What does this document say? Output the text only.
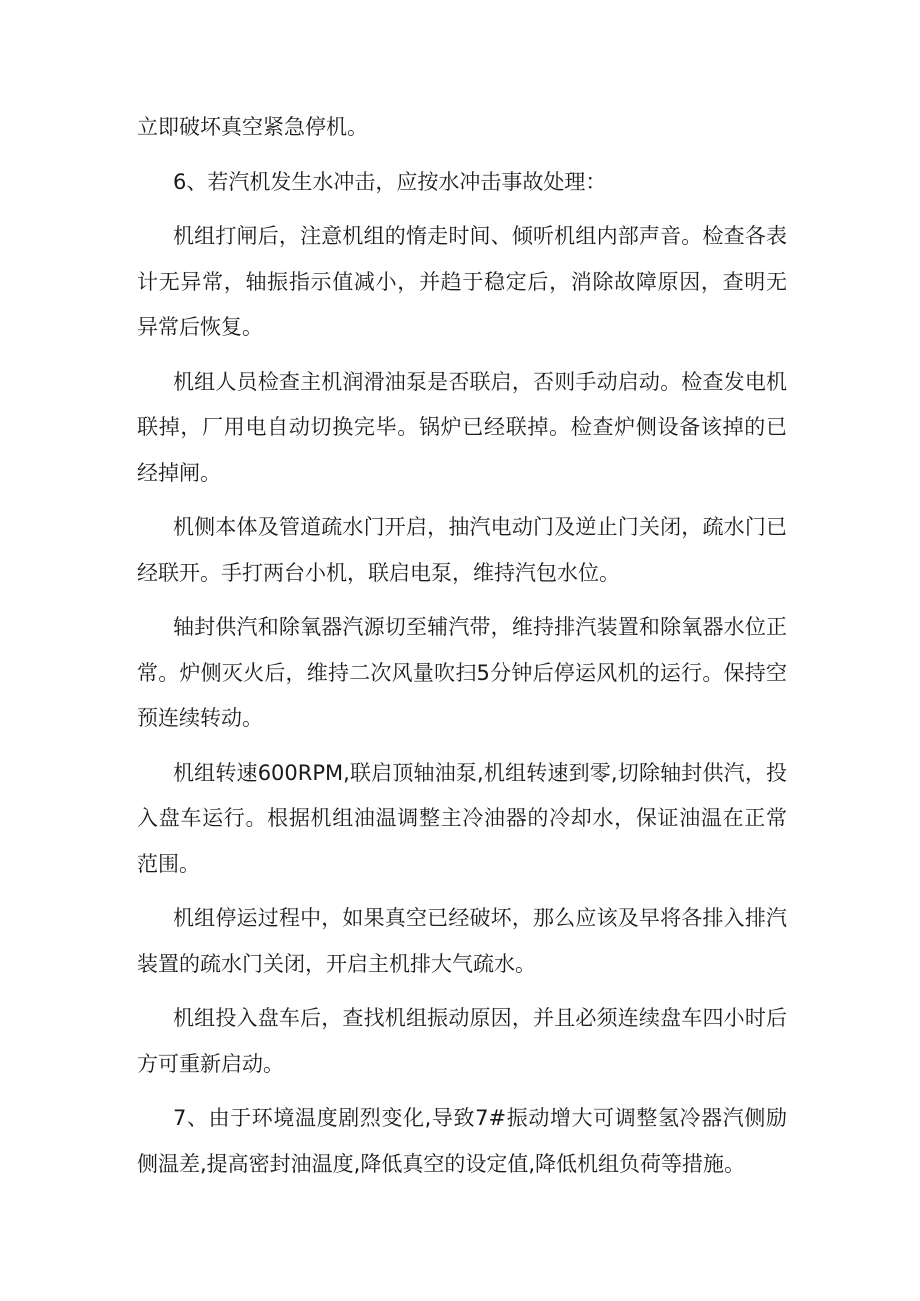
立即破坏真空紧急停机。

6、若汽机发生水冲击，应按水冲击事故处理：

机组打闸后，注意机组的惰走时间、倾听机组内部声音。检查各表计无异常，轴振指示值减小，并趋于稳定后，消除故障原因，查明无异常后恢复。

机组人员检查主机润滑油泵是否联启，否则手动启动。检查发电机联掉，厂用电自动切换完毕。锅炉已经联掉。检查炉侧设备该掉的已经掉闸。

机侧本体及管道疏水门开启，抽汽电动门及逆止门关闭，疏水门已经联开。手打两台小机，联启电泵，维持汽包水位。

轴封供汽和除氧器汽源切至辅汽带，维持排汽装置和除氧器水位正常。炉侧灭火后，维持二次风量吹扫5分钟后停运风机的运行。保持空预连续转动。

机组转速600RPM,联启顶轴油泵,机组转速到零,切除轴封供汽，投入盘车运行。根据机组油温调整主冷油器的冷却水，保证油温在正常范围。

机组停运过程中，如果真空已经破坏，那么应该及早将各排入排汽装置的疏水门关闭，开启主机排大气疏水。

机组投入盘车后，查找机组振动原因，并且必须连续盘车四小时后方可重新启动。

7、由于环境温度剧烈变化,导致7#振动增大可调整氢冷器汽侧励侧温差,提高密封油温度,降低真空的设定值,降低机组负荷等措施。
